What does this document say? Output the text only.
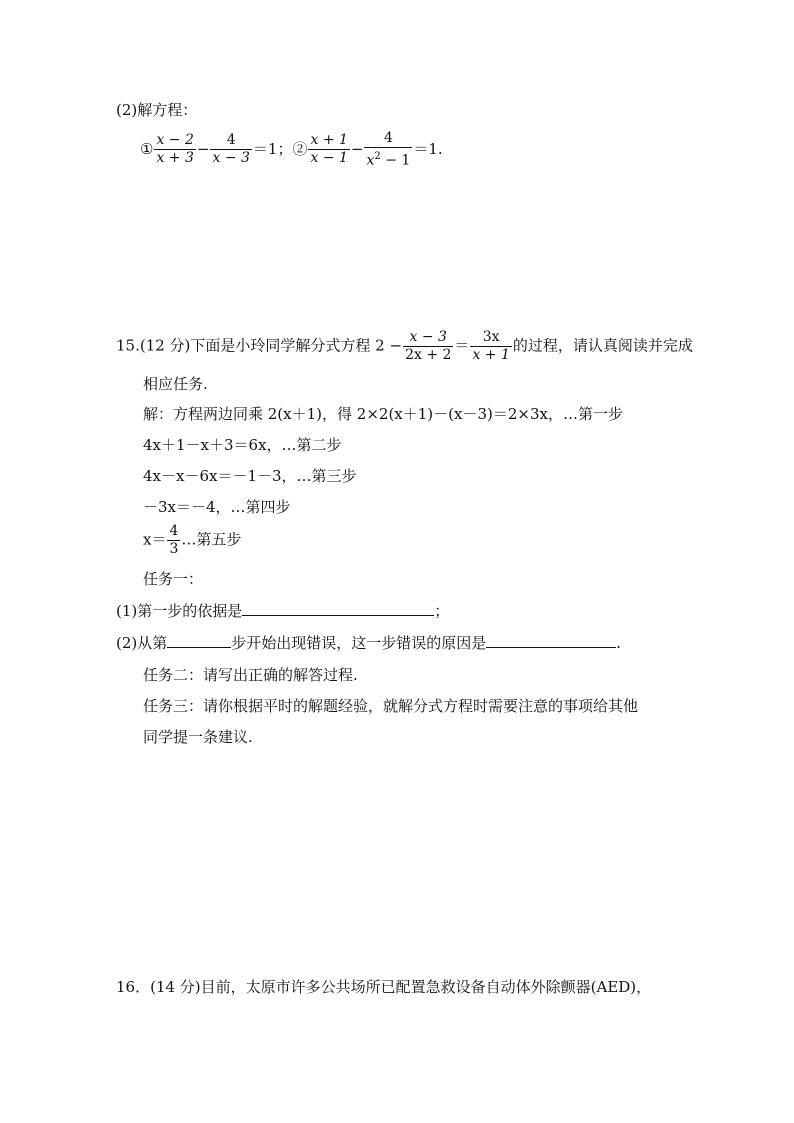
(2)解方程：
① $\frac{x - 2}{x + 3} - \frac{4}{x - 3} =1$；② $\frac{x + 1}{x - 1} - \frac{4}{x^2 - 1} =1$.
15.(12 分)下面是小玲同学解分式方程 $2 - \frac{x - 3}{2x + 2} = \frac{3x}{x + 1}$ 的过程，请认真阅读并完成
相应任务.
解：方程两边同乘 2(x＋1)，得 2×2(x＋1)－(x－3)＝2×3x，…第一步
4x＋1－x＋3＝6x，…第二步
4x－x－6x＝－1－3，…第三步
－3x＝－4，…第四步
$x= \frac{4}{3}$ …第五步
任务一：
(1)第一步的依据是	；
(2)从第	步开始出现错误，这一步错误的原因是	.
任务二：请写出正确的解答过程.
任务三：请你根据平时的解题经验，就解分式方程时需要注意的事项给其他
同学提一条建议.
16．(14 分)目前，太原市许多公共场所已配置急救设备自动体外除颤器(AED)，
